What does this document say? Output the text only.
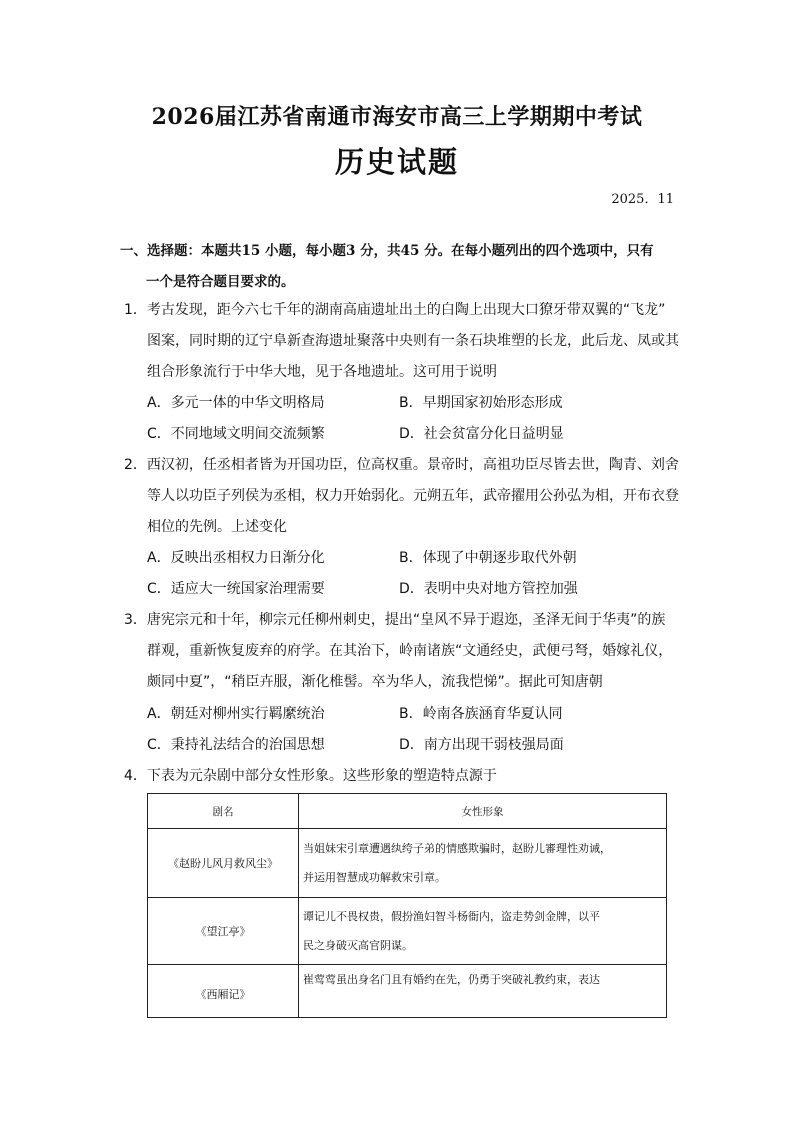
2026届江苏省南通市海安市高三上学期期中考试
历史试题
2025．11
一、选择题：本题共15 小题，每小题3 分，共45 分。在每小题列出的四个选项中，只有
一个是符合题目要求的。
1．考古发现，距今六七千年的湖南高庙遗址出土的白陶上出现大口獠牙带双翼的“飞龙”
图案，同时期的辽宁阜新查海遗址聚落中央则有一条石块堆塑的长龙，此后龙、凤或其
组合形象流行于中华大地，见于各地遗址。这可用于说明
A．多元一体的中华文明格局	B．早期国家初始形态形成
C．不同地域文明间交流频繁	D．社会贫富分化日益明显
2．西汉初，任丞相者皆为开国功臣，位高权重。景帝时，高祖功臣尽皆去世，陶青、刘舍
等人以功臣子列侯为丞相，权力开始弱化。元朔五年，武帝擢用公孙弘为相，开布衣登
相位的先例。上述变化
A．反映出丞相权力日渐分化	B．体现了中朝逐步取代外朝
C．适应大一统国家治理需要	D．表明中央对地方管控加强
3．唐宪宗元和十年，柳宗元任柳州刺史，提出“皇风不异于遐迩，圣泽无间于华夷”的族
群观，重新恢复废弃的府学。在其治下，岭南诸族“文通经史，武便弓弩，婚嫁礼仪，
颇同中夏”，“稍臣卉服，渐化椎髻。卒为华人，流我恺悌”。据此可知唐朝
A．朝廷对柳州实行羁縻统治	B．岭南各族涵育华夏认同
C．秉持礼法结合的治国思想	D．南方出现干弱枝强局面
4．下表为元杂剧中部分女性形象。这些形象的塑造特点源于
剧名	女性形象
《赵盼儿风月救风尘》	当姐妹宋引章遭遇纨绔子弟的情感欺骗时，赵盼儿審理性劝诫，
并运用智慧成功解救宋引章。

《望江亭》	谭记儿不畏权贵，假扮渔妇智斗杨衙内，盗走势剑金牌，以平
民之身破灭高官阴谋。

《西厢记》	崔莺莺虽出身名门且有婚约在先，仍勇于突破礼教约束，表达
